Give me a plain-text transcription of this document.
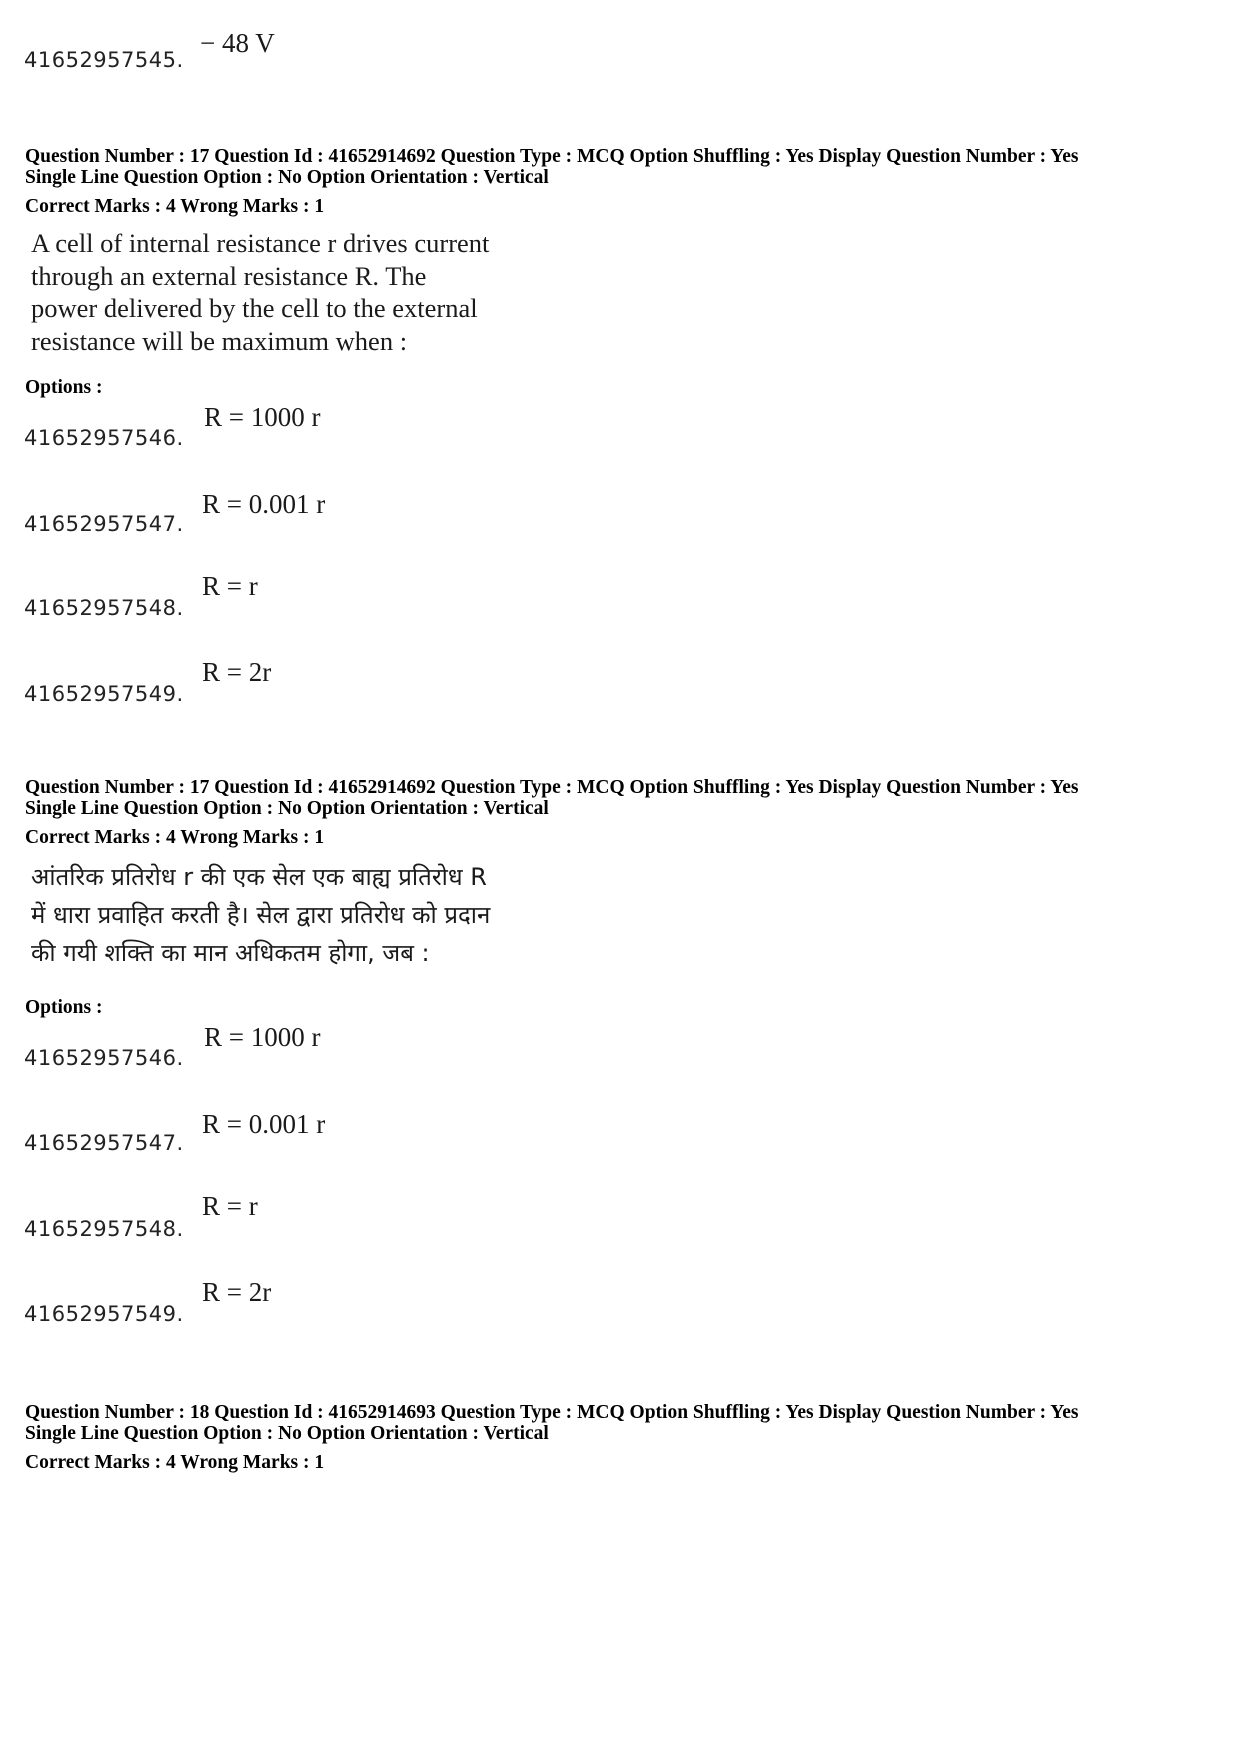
41652957545.
− 48 V
Question Number : 17 Question Id : 41652914692 Question Type : MCQ Option Shuffling : Yes Display Question Number : Yes
Single Line Question Option : No Option Orientation : Vertical
Correct Marks : 4 Wrong Marks : 1
A cell of internal resistance r drives current
through an external resistance R. The
power delivered by the cell to the external
resistance will be maximum when :
Options :
41652957546.
R = 1000 r
41652957547.
R = 0.001 r
41652957548.
R = r
41652957549.
R = 2r
Question Number : 17 Question Id : 41652914692 Question Type : MCQ Option Shuffling : Yes Display Question Number : Yes
Single Line Question Option : No Option Orientation : Vertical
Correct Marks : 4 Wrong Marks : 1
आंतरिक प्रतिरोध r की एक सेल एक बाह्य प्रतिरोध R
में धारा प्रवाहित करती है। सेल द्वारा प्रतिरोध को प्रदान
की गयी शक्ति का मान अधिकतम होगा, जब :
Options :
41652957546.
R = 1000 r
41652957547.
R = 0.001 r
41652957548.
R = r
41652957549.
R = 2r
Question Number : 18 Question Id : 41652914693 Question Type : MCQ Option Shuffling : Yes Display Question Number : Yes
Single Line Question Option : No Option Orientation : Vertical
Correct Marks : 4 Wrong Marks : 1
